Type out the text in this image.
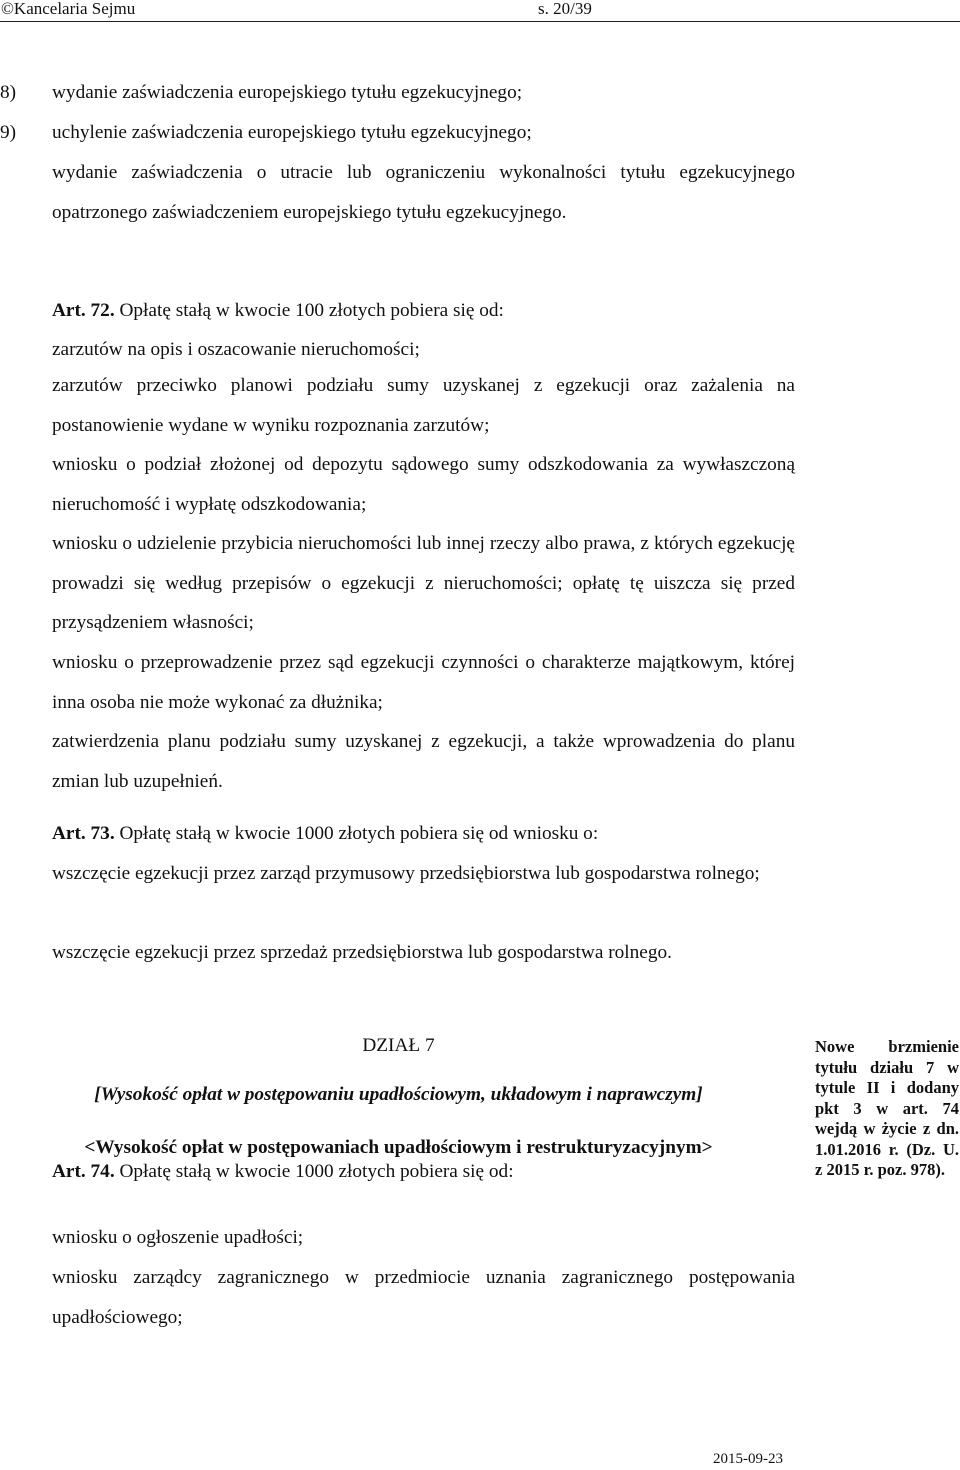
©Kancelaria Sejmu	s. 20/39
8) wydanie zaświadczenia europejskiego tytułu egzekucyjnego;
9) uchylenie zaświadczenia europejskiego tytułu egzekucyjnego;
wydanie zaświadczenia o utracie lub ograniczeniu wykonalności tytułu egzekucyjnego opatrzonego zaświadczeniem europejskiego tytułu egzekucyjnego.
Art. 72. Opłatę stałą w kwocie 100 złotych pobiera się od:
zarzutów na opis i oszacowanie nieruchomości;
zarzutów przeciwko planowi podziału sumy uzyskanej z egzekucji oraz zażalenia na postanowienie wydane w wyniku rozpoznania zarzutów;
wniosku o podział złożonej od depozytu sądowego sumy odszkodowania za wywłaszczoną nieruchomość i wypłatę odszkodowania;
wniosku o udzielenie przybicia nieruchomości lub innej rzeczy albo prawa, z których egzekucję prowadzi się według przepisów o egzekucji z nieruchomości; opłatę tę uiszcza się przed przysądzeniem własności;
wniosku o przeprowadzenie przez sąd egzekucji czynności o charakterze majątkowym, której inna osoba nie może wykonać za dłużnika;
zatwierdzenia planu podziału sumy uzyskanej z egzekucji, a także wprowadzenia do planu zmian lub uzupełnień.
Art. 73. Opłatę stałą w kwocie 1000 złotych pobiera się od wniosku o:
wszczęcie egzekucji przez zarząd przymusowy przedsiębiorstwa lub gospodarstwa rolnego;
wszczęcie egzekucji przez sprzedaż przedsiębiorstwa lub gospodarstwa rolnego.
DZIAŁ 7
[Wysokość opłat w postępowaniu upadłościowym, układowym i naprawczym]
<Wysokość opłat w postępowaniach upadłościowym i restrukturyzacyjnym>
Art. 74. Opłatę stałą w kwocie 1000 złotych pobiera się od:
wniosku o ogłoszenie upadłości;
wniosku zarządcy zagranicznego w przedmiocie uznania zagranicznego postępowania upadłościowego;
Nowe brzmienie tytułu działu 7 w tytule II i dodany pkt 3 w art. 74 wejdą w życie z dn. 1.01.2016 r. (Dz. U. z 2015 r. poz. 978).
2015-09-23
